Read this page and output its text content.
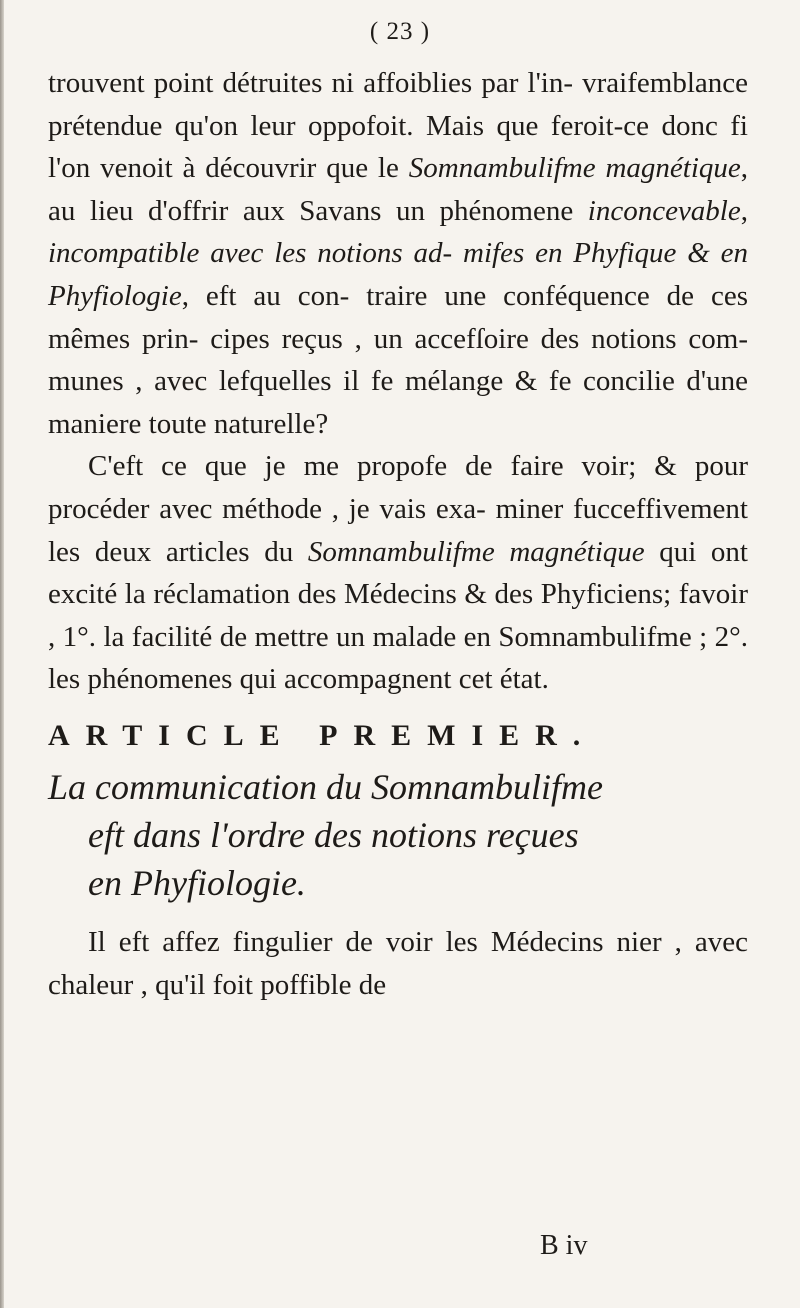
( 23 )

trouvent point détruites ni affoiblies par l'in- vraifemblance prétendue qu'on leur oppofoit. Mais que feroit-ce donc fi l'on venoit à découvrir que le Somnambulifme magnétique, au lieu d'offrir aux Savans un phénomene inconcevable, incompatible avec les notions ad- mifes en Phyfique & en Phyfiologie, eft au con- traire une conféquence de ces mêmes prin- cipes reçus , un accefſoire des notions com- munes , avec lefquelles il fe mélange & fe concilie d'une maniere toute naturelle?

C'eft ce que je me propofe de faire voir; & pour procéder avec méthode , je vais exa- miner fucceffivement les deux articles du Somnambulifme magnétique qui ont excité la réclamation des Médecins & des Phyficiens; favoir , 1°. la facilité de mettre un malade en Somnambulifme ; 2°. les phénomenes qui accompagnent cet état.

ARTICLE PREMIER.
La communication du Somnambulifme
eft dans l'ordre des notions reçues
en Phyfiologie.

Il eft affez fingulier de voir les Médecins nier , avec chaleur , qu'il foit poffible de

B iv
